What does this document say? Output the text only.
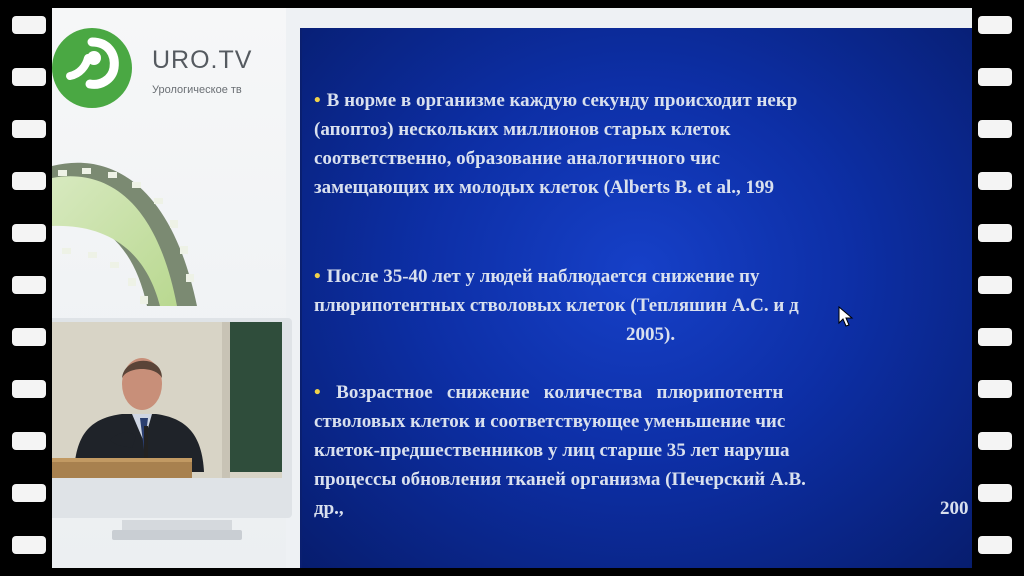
URO.TV
Урологическое тв	• В норме в организме каждую секунду происходит некр
(апоптоз) нескольких миллионов старых клеток
соответственно, образование аналогичного чис
замещающих их молодых клеток (Alberts B. et al., 199
• После 35-40 лет у людей наблюдается снижение пу
плюрипотентных стволовых клеток (Тепляшин А.С. и д
2005).
•  Возрастное   снижение   количества   плюрипотентн
стволовых клеток и соответствующее уменьшение чис
клеток-предшественников у лиц старше 35 лет наруша
процессы обновления тканей организма (Печерский А.В.
др.,	200
